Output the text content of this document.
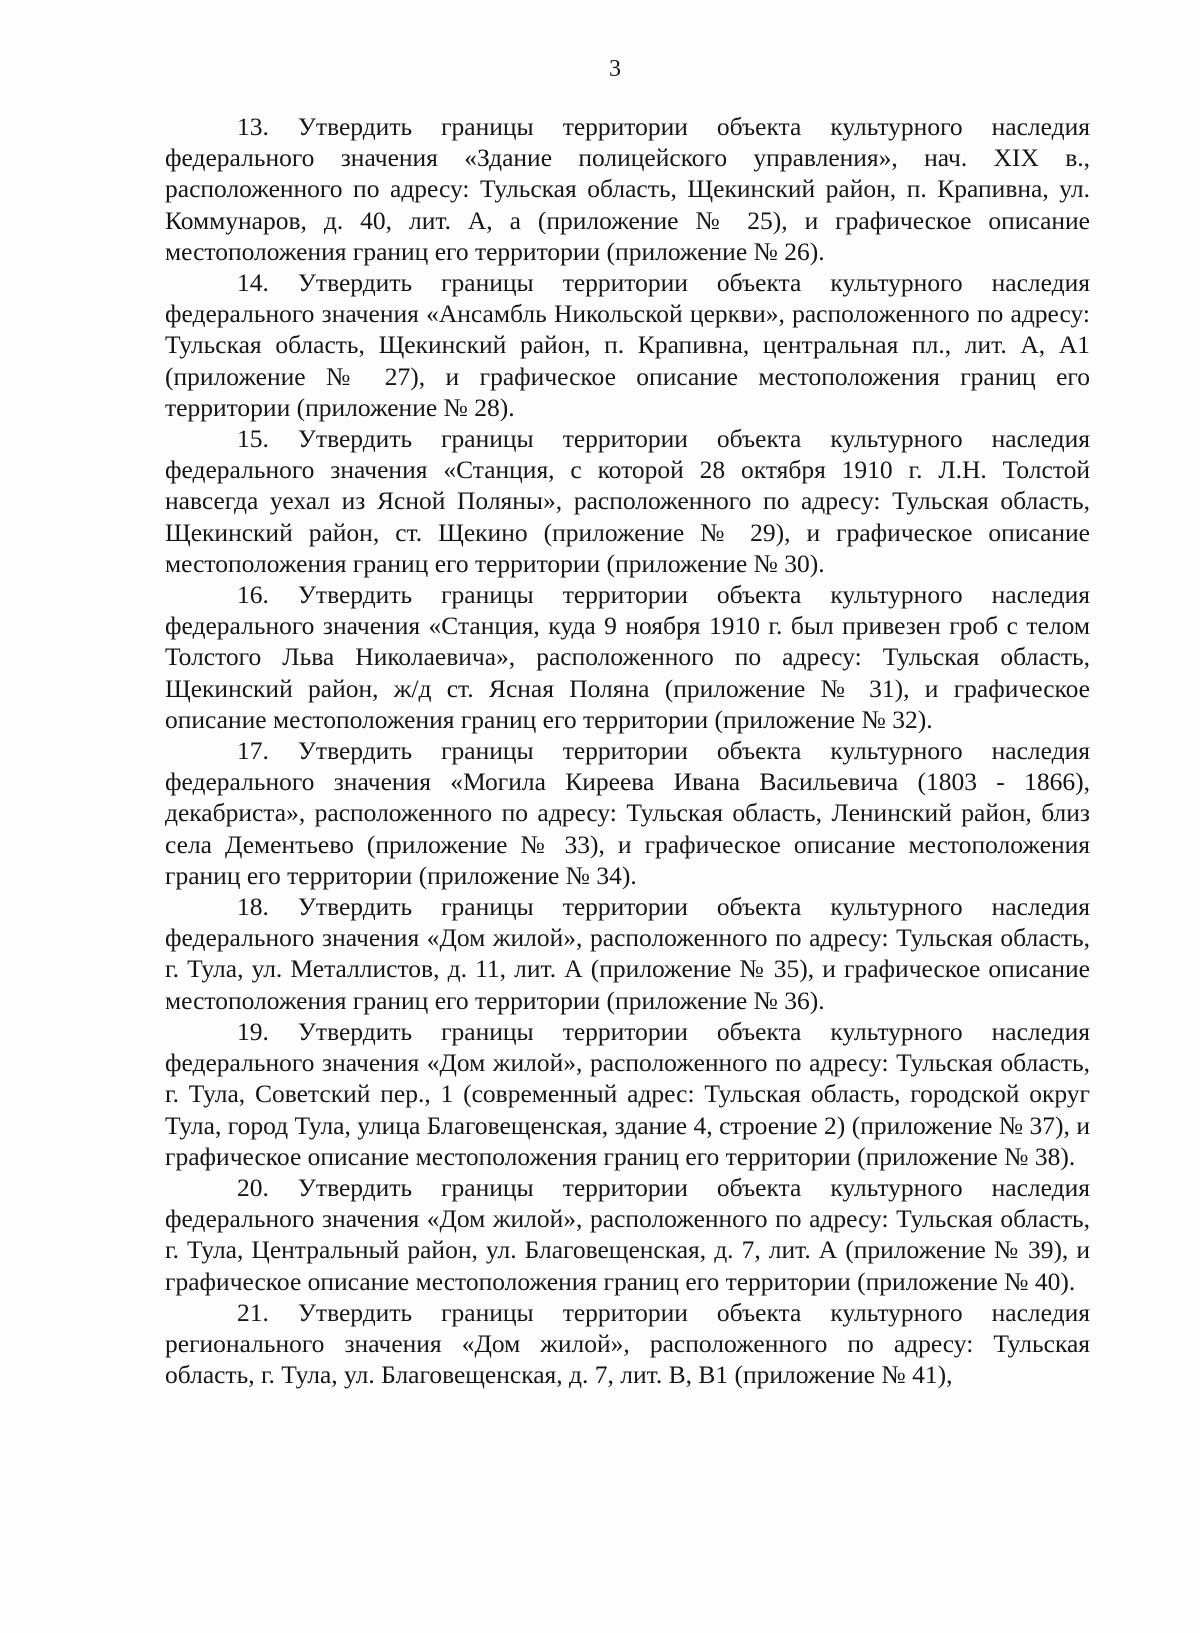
3

13. Утвердить границы территории объекта культурного наследия федерального значения «Здание полицейского управления», нач. XIX в., расположенного по адресу: Тульская область, Щекинский район, п. Крапивна, ул. Коммунаров, д. 40, лит. А, а (приложение № 25), и графическое описание местоположения границ его территории (приложение № 26).

14. Утвердить границы территории объекта культурного наследия федерального значения «Ансамбль Никольской церкви», расположенного по адресу: Тульская область, Щекинский район, п. Крапивна, центральная пл., лит. А, А1 (приложение № 27), и графическое описание местоположения границ его территории (приложение № 28).

15. Утвердить границы территории объекта культурного наследия федерального значения «Станция, с которой 28 октября 1910 г. Л.Н. Толстой навсегда уехал из Ясной Поляны», расположенного по адресу: Тульская область, Щекинский район, ст. Щекино (приложение № 29), и графическое описание местоположения границ его территории (приложение № 30).

16. Утвердить границы территории объекта культурного наследия федерального значения «Станция, куда 9 ноября 1910 г. был привезен гроб с телом Толстого Льва Николаевича», расположенного по адресу: Тульская область, Щекинский район, ж/д ст. Ясная Поляна (приложение № 31), и графическое описание местоположения границ его территории (приложение № 32).

17. Утвердить границы территории объекта культурного наследия федерального значения «Могила Киреева Ивана Васильевича (1803 - 1866), декабриста», расположенного по адресу: Тульская область, Ленинский район, близ села Дементьево (приложение № 33), и графическое описание местоположения границ его территории (приложение № 34).

18. Утвердить границы территории объекта культурного наследия федерального значения «Дом жилой», расположенного по адресу: Тульская область, г. Тула, ул. Металлистов, д. 11, лит. А (приложение № 35), и графическое описание местоположения границ его территории (приложение № 36).

19. Утвердить границы территории объекта культурного наследия федерального значения «Дом жилой», расположенного по адресу: Тульская область, г. Тула, Советский пер., 1 (современный адрес: Тульская область, городской округ Тула, город Тула, улица Благовещенская, здание 4, строение 2) (приложение № 37), и графическое описание местоположения границ его территории (приложение № 38).

20. Утвердить границы территории объекта культурного наследия федерального значения «Дом жилой», расположенного по адресу: Тульская область, г. Тула, Центральный район, ул. Благовещенская, д. 7, лит. А (приложение № 39), и графическое описание местоположения границ его территории (приложение № 40).

21. Утвердить границы территории объекта культурного наследия регионального значения «Дом жилой», расположенного по адресу: Тульская область, г. Тула, ул. Благовещенская, д. 7, лит. В, В1 (приложение № 41),
